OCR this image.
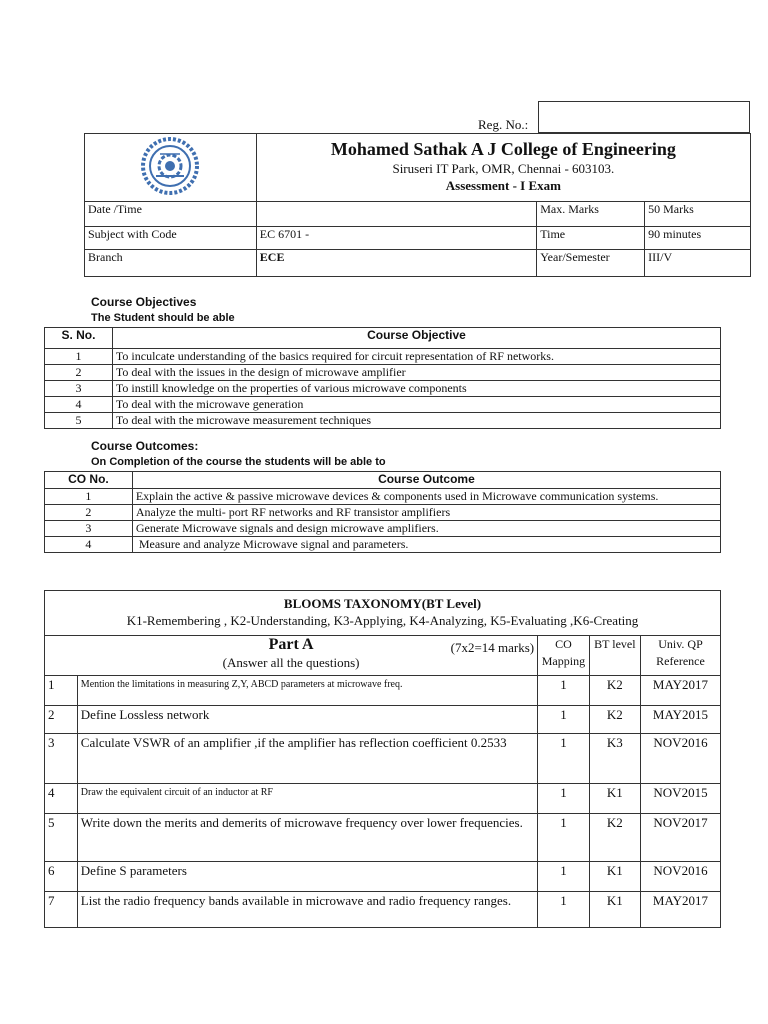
Reg. No.:

Mohamed Sathak A J College of Engineering
Siruseri IT Park, OMR, Chennai - 603103.
Assessment - I Exam		

Date /Time		Max. Marks	50 Marks
Subject with Code	EC 6701 -	Time	90 minutes
Branch	ECE	Year/Semester	III/V
Course Objectives
The Student should be able
S. No.	Course Objective
1	To inculcate understanding of the basics required for circuit representation of RF networks.
2	To deal with the issues in the design of microwave amplifier
3	To instill knowledge on the properties of various microwave components
4	To deal with the microwave generation
5	To deal with the microwave measurement techniques
Course Outcomes:
On Completion of the course the students will be able to
CO No.	Course Outcome
1	Explain the active & passive microwave devices & components used in Microwave communication systems.
2	Analyze the multi- port RF networks and RF transistor amplifiers
3	Generate Microwave signals and design microwave amplifiers.
4	Measure and analyze Microwave signal and parameters.
BLOOMS TAXONOMY(BT Level)
K1-Remembering , K2-Understanding, K3-Applying, K4-Analyzing, K5-Evaluating ,K6-Creating				

Part A (7x2=14 marks)
(Answer all the questions)		CO Mapping	BT level	Univ. QP Reference
1	Mention the limitations in measuring Z,Y, ABCD parameters at microwave freq.	1	K2	MAY2017
2	Define Lossless network	1	K2	MAY2015
3	Calculate VSWR of an amplifier ,if the amplifier has reflection coefficient 0.2533	1	K3	NOV2016
4	Draw the equivalent circuit of an inductor at RF	1	K1	NOV2015
5	Write down the merits and demerits of microwave frequency over lower frequencies.	1	K2	NOV2017
6	Define S parameters	1	K1	NOV2016
7	List the radio frequency bands available in microwave and radio frequency ranges.	1	K1	MAY2017
